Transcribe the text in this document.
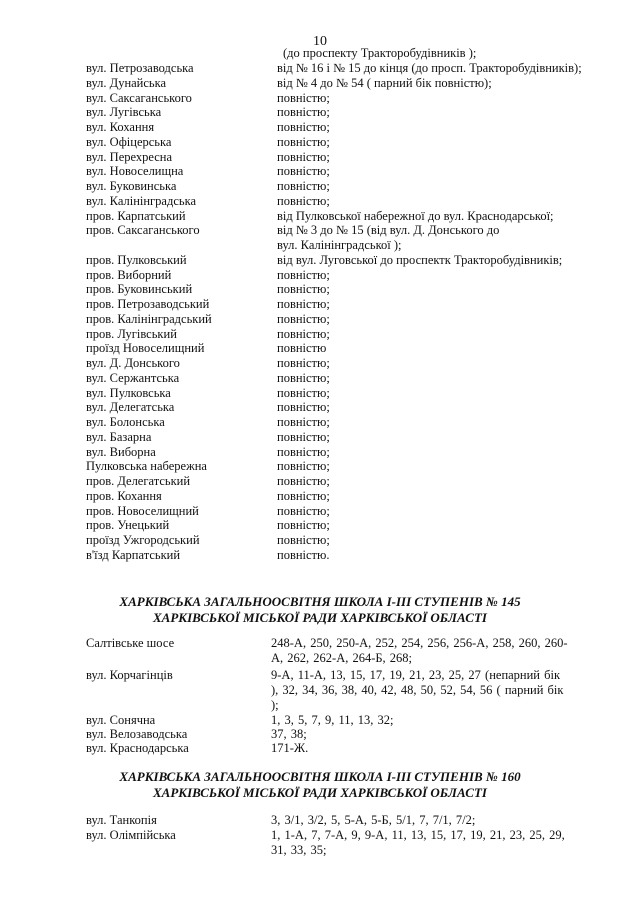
10
(до проспекту Тракторобудівників );
вул. Петрозаводська	від № 16 і № 15 до кінця (до просп. Тракторобудівників);
вул. Дунайська	від № 4 до № 54 ( парний бік повністю);
вул. Саксаганського	повністю;
вул. Лугівська	повністю;
вул. Кохання	повністю;
вул. Офіцерська	повністю;
вул. Перехресна	повністю;
вул. Новоселищна	повністю;
вул. Буковинська	повністю;
вул. Калінінградська	повністю;
пров. Карпатський	від Пулковської набережної до вул. Краснодарської;
пров. Саксаганського	від № 3 до № 15 (від вул. Д. Донського до
вул. Калінінградської );
пров. Пулковський	від вул. Луговської до проспектк Тракторобудівників;
пров. Виборний	повністю;
пров. Буковинський	повністю;
пров. Петрозаводський	повністю;
пров. Калінінградський	повністю;
пров. Лугівський	повністю;
проїзд Новоселищний	повністю
вул. Д. Донського	повністю;
вул. Сержантська	повністю;
вул. Пулковська	повністю;
вул. Делегатська	повністю;
вул. Болонська	повністю;
вул. Базарна	повністю;
вул. Виборна	повністю;
Пулковська набережна	повністю;
пров. Делегатський	повністю;
пров. Кохання	повністю;
пров. Новоселищний	повністю;
пров. Унецький	повністю;
проїзд Ужгородський	повністю;
в'їзд Карпатський	повністю.
ХАРКІВСЬКА ЗАГАЛЬНООСВІТНЯ ШКОЛА І-ІІІ СТУПЕНІВ № 145
ХАРКІВСЬКОЇ МІСЬКОЇ РАДИ ХАРКІВСЬКОЇ ОБЛАСТІ
Салтівське шосе	248-А, 250, 250-А, 252, 254, 256, 256-А, 258, 260, 260-А, 262, 262-А, 264-Б, 268;
вул. Корчагінців	9-А, 11-А, 13, 15, 17, 19, 21, 23, 25, 27 (непарний бік ), 32, 34, 36, 38, 40, 42, 48, 50, 52, 54, 56 ( парний бік );
вул. Сонячна	1, 3, 5, 7, 9, 11, 13, 32;
вул. Велозаводська	37, 38;
вул. Краснодарська	171-Ж.
ХАРКІВСЬКА ЗАГАЛЬНООСВІТНЯ ШКОЛА І-ІІІ СТУПЕНІВ № 160
ХАРКІВСЬКОЇ МІСЬКОЇ РАДИ ХАРКІВСЬКОЇ ОБЛАСТІ
вул. Танкопія	3, 3/1, 3/2, 5, 5-А, 5-Б, 5/1, 7, 7/1, 7/2;
вул. Олімпійська	1, 1-А, 7, 7-А, 9, 9-А, 11, 13, 15, 17, 19, 21, 23, 25, 29, 31, 33, 35;
